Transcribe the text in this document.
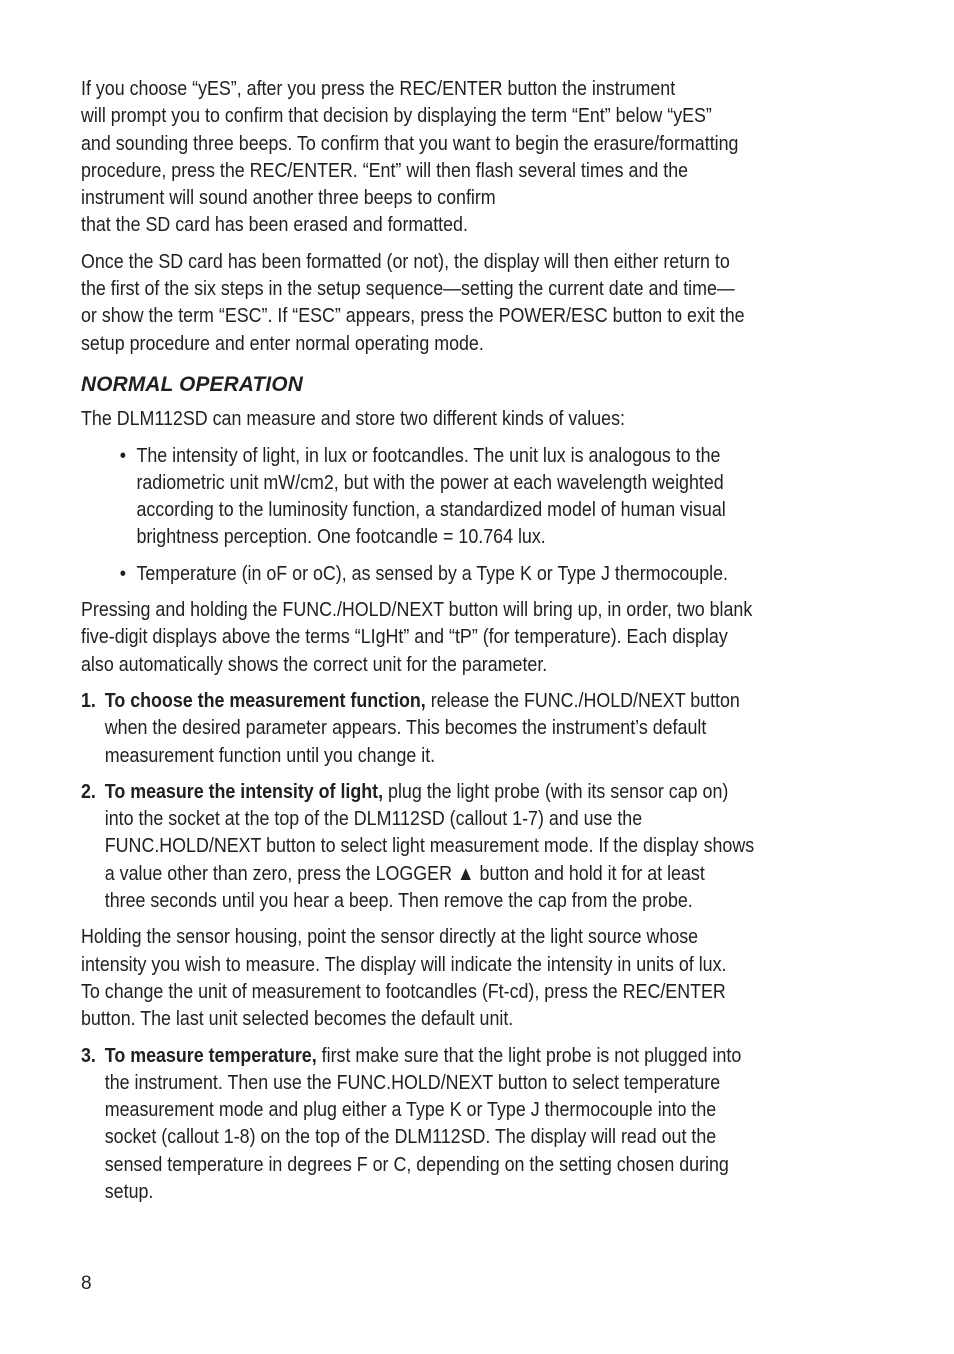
If you choose “yES”, after you press the REC/ENTER button the instrument
will prompt you to confirm that decision by displaying the term “Ent” below “yES”
and sounding three beeps. To confirm that you want to begin the erasure/formatting
procedure, press the REC/ENTER. “Ent” will then flash several times and the
instrument will sound another three beeps to confirm
that the SD card has been erased and formatted.

Once the SD card has been formatted (or not), the display will then either return to
the first of the six steps in the setup sequence—setting the current date and time—
or show the term “ESC”. If “ESC” appears, press the POWER/ESC button to exit the
setup procedure and enter normal operating mode.

NORMAL OPERATION

The DLM112SD can measure and store two different kinds of values:

• The intensity of light, in lux or footcandles. The unit lux is analogous to the
radiometric unit mW/cm2, but with the power at each wavelength weighted
according to the luminosity function, a standardized model of human visual
brightness perception. One footcandle = 10.764 lux.
• Temperature (in oF or oC), as sensed by a Type K or Type J thermocouple.

Pressing and holding the FUNC./HOLD/NEXT button will bring up, in order, two blank
five-digit displays above the terms “LIgHt” and “tP” (for temperature). Each display
also automatically shows the correct unit for the parameter.

1. To choose the measurement function, release the FUNC./HOLD/NEXT button
when the desired parameter appears. This becomes the instrument’s default
measurement function until you change it.
2. To measure the intensity of light, plug the light probe (with its sensor cap on)
into the socket at the top of the DLM112SD (callout 1-7) and use the
FUNC.HOLD/NEXT button to select light measurement mode. If the display shows
a value other than zero, press the LOGGER ▲ button and hold it for at least
three seconds until you hear a beep. Then remove the cap from the probe.

Holding the sensor housing, point the sensor directly at the light source whose
intensity you wish to measure. The display will indicate the intensity in units of lux.
To change the unit of measurement to footcandles (Ft-cd), press the REC/ENTER
button. The last unit selected becomes the default unit.

3. To measure temperature, first make sure that the light probe is not plugged into
the instrument. Then use the FUNC.HOLD/NEXT button to select temperature
measurement mode and plug either a Type K or Type J thermocouple into the
socket (callout 1-8) on the top of the DLM112SD. The display will read out the
sensed temperature in degrees F or C, depending on the setting chosen during
setup.
8
